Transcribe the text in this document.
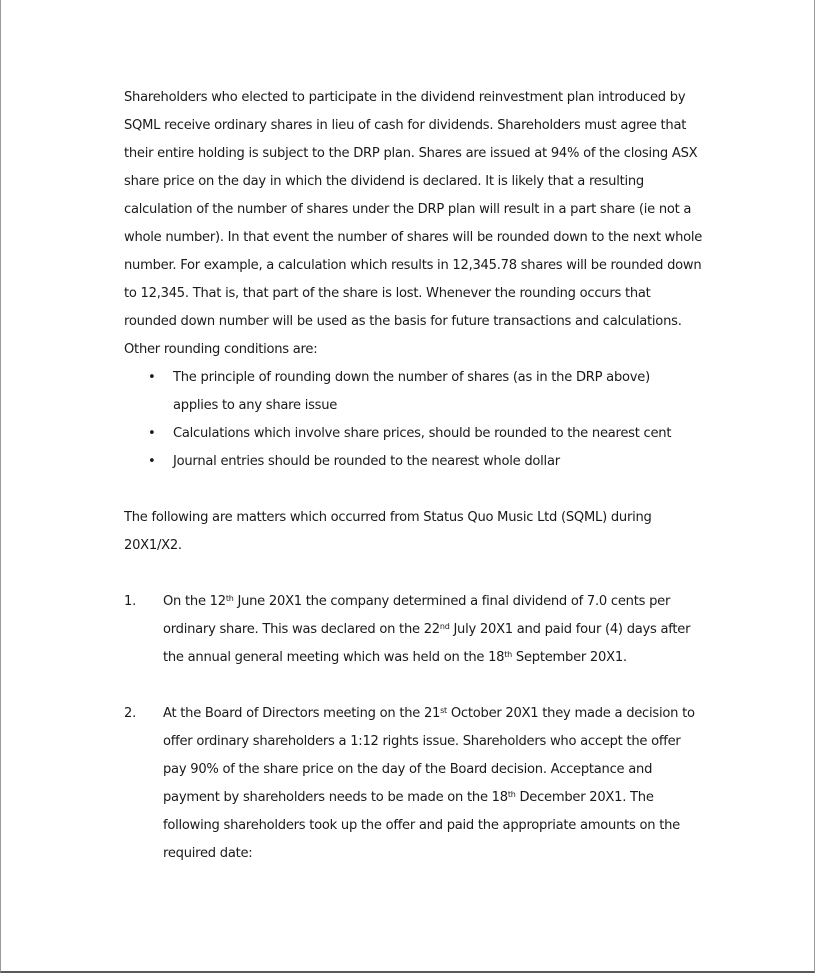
Shareholders who elected to participate in the dividend reinvestment plan introduced by SQML receive ordinary shares in lieu of cash for dividends. Shareholders must agree that their entire holding is subject to the DRP plan. Shares are issued at 94% of the closing ASX share price on the day in which the dividend is declared. It is likely that a resulting calculation of the number of shares under the DRP plan will result in a part share (ie not a whole number). In that event the number of shares will be rounded down to the next whole number. For example, a calculation which results in 12,345.78 shares will be rounded down to 12,345. That is, that part of the share is lost. Whenever the rounding occurs that rounded down number will be used as the basis for future transactions and calculations.

Other rounding conditions are:

• The principle of rounding down the number of shares (as in the DRP above) applies to any share issue
• Calculations which involve share prices, should be rounded to the nearest cent
• Journal entries should be rounded to the nearest whole dollar

The following are matters which occurred from Status Quo Music Ltd (SQML) during 20X1/X2.

1. On the 12th June 20X1 the company determined a final dividend of 7.0 cents per ordinary share. This was declared on the 22nd July 20X1 and paid four (4) days after the annual general meeting which was held on the 18th September 20X1.
2. At the Board of Directors meeting on the 21st October 20X1 they made a decision to offer ordinary shareholders a 1:12 rights issue. Shareholders who accept the offer pay 90% of the share price on the day of the Board decision. Acceptance and payment by shareholders needs to be made on the 18th December 20X1. The following shareholders took up the offer and paid the appropriate amounts on the required date:
